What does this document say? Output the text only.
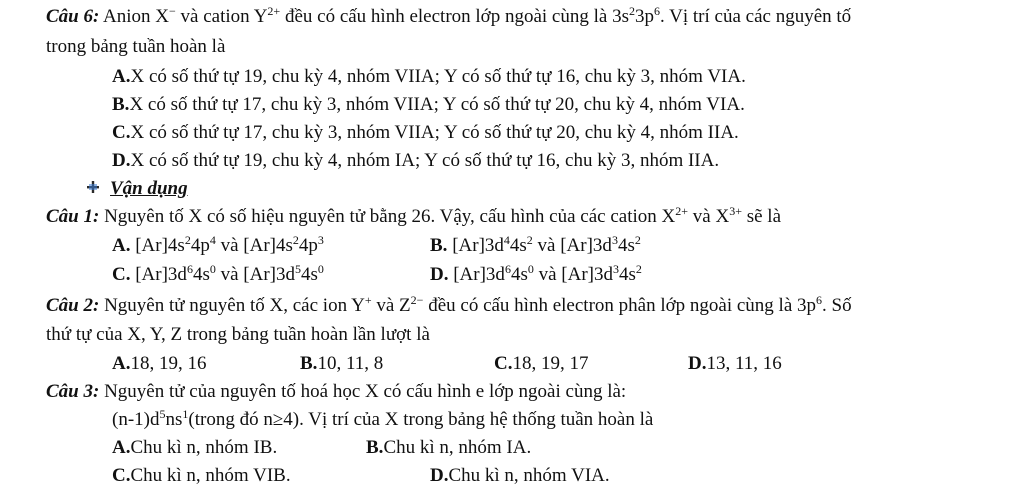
Câu 6: Anion X− và cation $Y^{2+}$ đều có cấu hình electron lớp ngoài cùng là $3s^23p^6$. Vị trí của các nguyên tố
trong bảng tuần hoàn là
A.X có số thứ tự 19, chu kỳ 4, nhóm VIIA; Y có số thứ tự 16, chu kỳ 3, nhóm VIA.
B.X có số thứ tự 17, chu kỳ 3, nhóm VIIA; Y có số thứ tự 20, chu kỳ 4, nhóm VIA.
C.X có số thứ tự 17, chu kỳ 3, nhóm VIIA; Y có số thứ tự 20, chu kỳ 4, nhóm IIA.
D.X có số thứ tự 19, chu kỳ 4, nhóm IA; Y có số thứ tự 16, chu kỳ 3, nhóm IIA.
Vận dụng
Câu 1: Nguyên tố X có số hiệu nguyên tử bằng 26. Vậy, cấu hình của các cation $X^{2+}$ và $X^{3+}$ sẽ là
A. $[Ar]4s^24p^4$ và $[Ar]4s^24p^3$	B. $[Ar]3d^44s^2$ và $[Ar]3d^34s^2$
C. $[Ar]3d^64s^0$ và $[Ar]3d^54s^0$	D. $[Ar]3d^64s^0$ và $[Ar]3d^34s^2$
Câu 2: Nguyên tử nguyên tố X, các ion Y+ và $Z^{2-}$ đều có cấu hình electron phân lớp ngoài cùng là $3p^6$. Số
thứ tự của X, Y, Z trong bảng tuần hoàn lần lượt là
A.18, 19, 16	B.10, 11, 8	C.18, 19, 17	D.13, 11, 16
Câu 3: Nguyên tử của nguyên tố hoá học X có cấu hình e lớp ngoài cùng là:
$(n-1)d^5ns^1(trong$ đó n≥4). Vị trí của X trong bảng hệ thống tuần hoàn là
A.Chu kì n, nhóm IB.	B.Chu kì n, nhóm IA.
C.Chu kì n, nhóm VIB.	D.Chu kì n, nhóm VIA.
